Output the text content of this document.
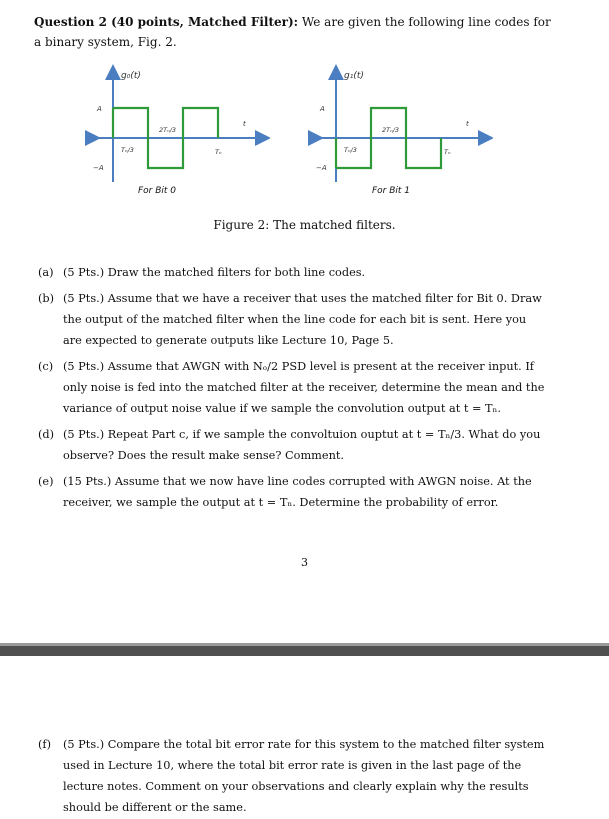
Question 2 (40 points, Matched Filter): We are given the following line codes for a binary system, Fig. 2.
g₀(t)
A
−A
Tₙ/3
2Tₙ/3
Tₙ
t
For Bit 0
g₁(t)
A
−A
Tₙ/3
2Tₙ/3
Tₙ
t
For Bit 1
Figure 2: The matched filters.
(a) (5 Pts.) Draw the matched filters for both line codes.
(b) (5 Pts.) Assume that we have a receiver that uses the matched filter for Bit 0. Draw the output of the matched filter when the line code for each bit is sent. Here you are expected to generate outputs like Lecture 10, Page 5.
(c) (5 Pts.) Assume that AWGN with Nₒ/2 PSD level is present at the receiver input. If only noise is fed into the matched filter at the receiver, determine the mean and the variance of output noise value if we sample the convolution output at t = Tₙ.
(d) (5 Pts.) Repeat Part c, if we sample the convoltuion ouptut at t = Tₙ/3. What do you observe? Does the result make sense? Comment.
(e) (15 Pts.) Assume that we now have line codes corrupted with AWGN noise. At the receiver, we sample the output at t = Tₙ. Determine the probability of error.
3
(f)	(5 Pts.) Compare the total bit error rate for this system to the matched filter system used in Lecture 10, where the total bit error rate is given in the last page of the lecture notes. Comment on your observations and clearly explain why the results should be different or the same.
